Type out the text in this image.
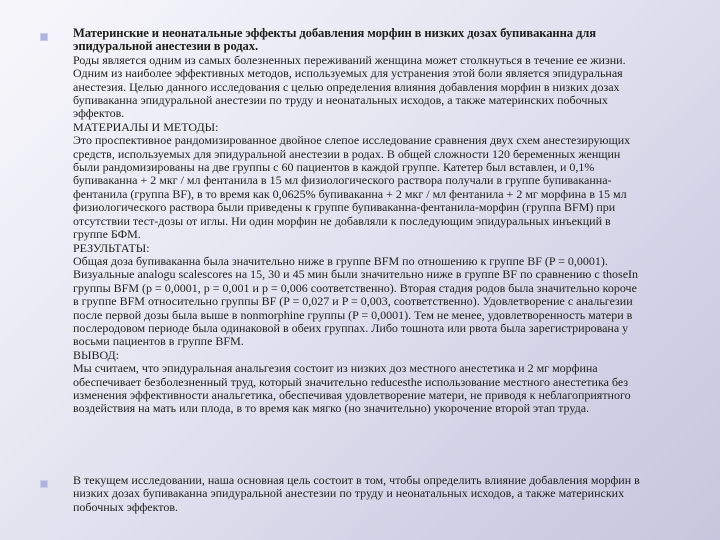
Материнские и неонатальные эффекты добавления морфин в низких дозах бупиваканна для эпидуральной анестезии в родах.
Роды является одним из самых болезненных переживаний женщина может столкнуться в течение ее жизни. Одним из наиболее эффективных методов, используемых для устранения этой боли является эпидуральная анестезия. Целью данного исследования с целью определения влияния добавления морфин в низких дозах бупиваканна эпидуральной анестезии по труду и неонатальных исходов, а также материнских побочных эффектов.
МАТЕРИАЛЫ И МЕТОДЫ:
Это проспективное рандомизированное двойное слепое исследование сравнения двух схем анестезирующих средств, используемых для эпидуральной анестезии в родах. В общей сложности 120 беременных женщин были рандомизированы на две группы с 60 пациентов в каждой группе. Катетер был вставлен, и 0,1% бупиваканна + 2 мкг / мл фентанила в 15 мл физиологического раствора получали в группе бупиваканна-фентанила (группа BF), в то время как 0,0625% бупиваканна + 2 мкг / мл фентанила + 2 мг морфина в 15 мл физиологического раствора были приведены к группе бупиваканна-фентанила-морфин (группа BFM) при отсутствии тест-дозы от иглы. Ни один морфин не добавляли к последующим эпидуральных инъекций в группе БФМ.
РЕЗУЛЬТАТЫ:
Общая доза бупиваканна была значительно ниже в группе BFM по отношению к группе BF (P = 0,0001). Визуальные analogu scalescores на 15, 30 и 45 мин были значительно ниже в группе BF по сравнению с thoseIn группы BFM (p = 0,0001, p = 0,001 и p = 0,006 соответственно). Вторая стадия родов была значительно короче в группе BFM относительно группы BF (P = 0,027 и P = 0,003, соответственно). Удовлетворение с анальгезии после первой дозы была выше в nonmorphine группы (P = 0,0001). Тем не менее, удовлетворенность матери в послеродовом периоде была одинаковой в обеих группах. Либо тошнота или рвота была зарегистрирована у восьми пациентов в группе BFM.
ВЫВОД:
Мы считаем, что эпидуральная анальгезия состоит из низких доз местного анестетика и 2 мг морфина обеспечивает безболезненный труд, который значительно reducesthe использование местного анестетика без изменения эффективности анальгетика, обеспечивая удовлетворение матери, не приводя к неблагоприятного воздействия на мать или плода, в то время как мягко (но значительно) укорочение второй этап труда.
В текущем исследовании, наша основная цель состоит в том, чтобы определить влияние добавления морфин в низких дозах бупиваканна эпидуральной анестезии по труду и неонатальных исходов, а также материнских побочных эффектов.
